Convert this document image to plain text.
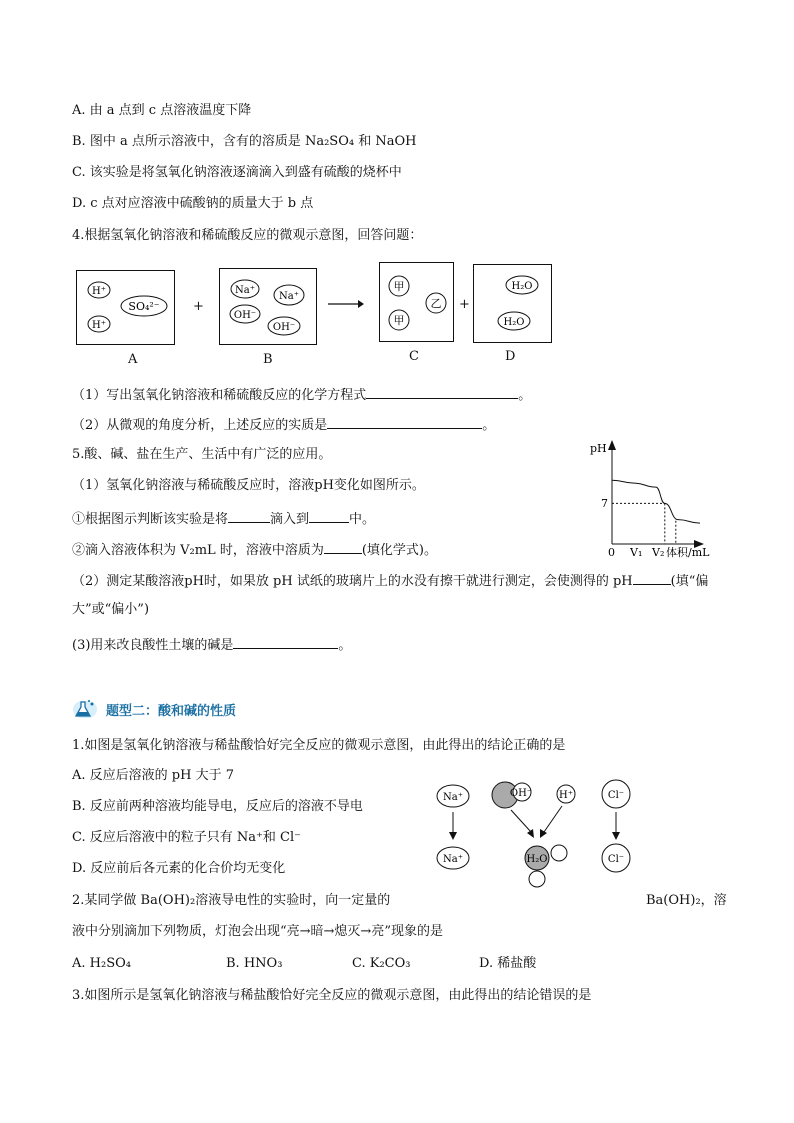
A. 由 a 点到 c 点溶液温度下降
B. 图中 a 点所示溶液中，含有的溶质是 Na₂SO₄ 和 NaOH
C. 该实验是将氢氧化钠溶液逐滴滴入到盛有硫酸的烧杯中
D. c 点对应溶液中硫酸钠的质量大于 b 点
4.根据氢氧化钠溶液和稀硫酸反应的微观示意图，回答问题：
H⁺
SO₄²⁻
H⁺
A
+
Na⁺
Na⁺
OH⁻
OH⁻
B
甲
乙
甲
C
+
H₂O
H₂O
D
（1）写出氢氧化钠溶液和稀硫酸反应的化学方程式	。
（2）从微观的角度分析，上述反应的实质是	。
5.酸、碱、盐在生产、生活中有广泛的应用。
（1）氢氧化钠溶液与稀硫酸反应时，溶液pH变化如图所示。
①根据图示判断该实验是将	滴入到	中。
②滴入溶液体积为 V₂mL 时，溶液中溶质为	(填化学式)。
（2）测定某酸溶液pH时，如果放 pH 试纸的玻璃片上的水没有擦干就进行测定，会使测得的 pH	(填“偏
大”或“偏小”)
(3)用来改良酸性土壤的碱是	。
pH
7
0 V₁ V₂ 体积/mL
题型二：酸和碱的性质
1.如图是氢氧化钠溶液与稀盐酸恰好完全反应的微观示意图，由此得出的结论正确的是
A. 反应后溶液的 pH 大于 7
B. 反应前两种溶液均能导电，反应后的溶液不导电
C. 反应后溶液中的粒子只有 Na⁺和 Cl⁻
D. 反应前后各元素的化合价均无变化
Na⁺	OH⁻	H⁺	Cl⁻
Na⁺	H₂O	Cl⁻
2.某同学做 Ba(OH)₂溶液导电性的实验时，向一定量的	Ba(OH)₂，溶
液中分别滴加下列物质，灯泡会出现“亮→暗→熄灭→亮”现象的是
A. H₂SO₄	B. HNO₃	C. K₂CO₃	D. 稀盐酸
3.如图所示是氢氧化钠溶液与稀盐酸恰好完全反应的微观示意图，由此得出的结论错误的是
